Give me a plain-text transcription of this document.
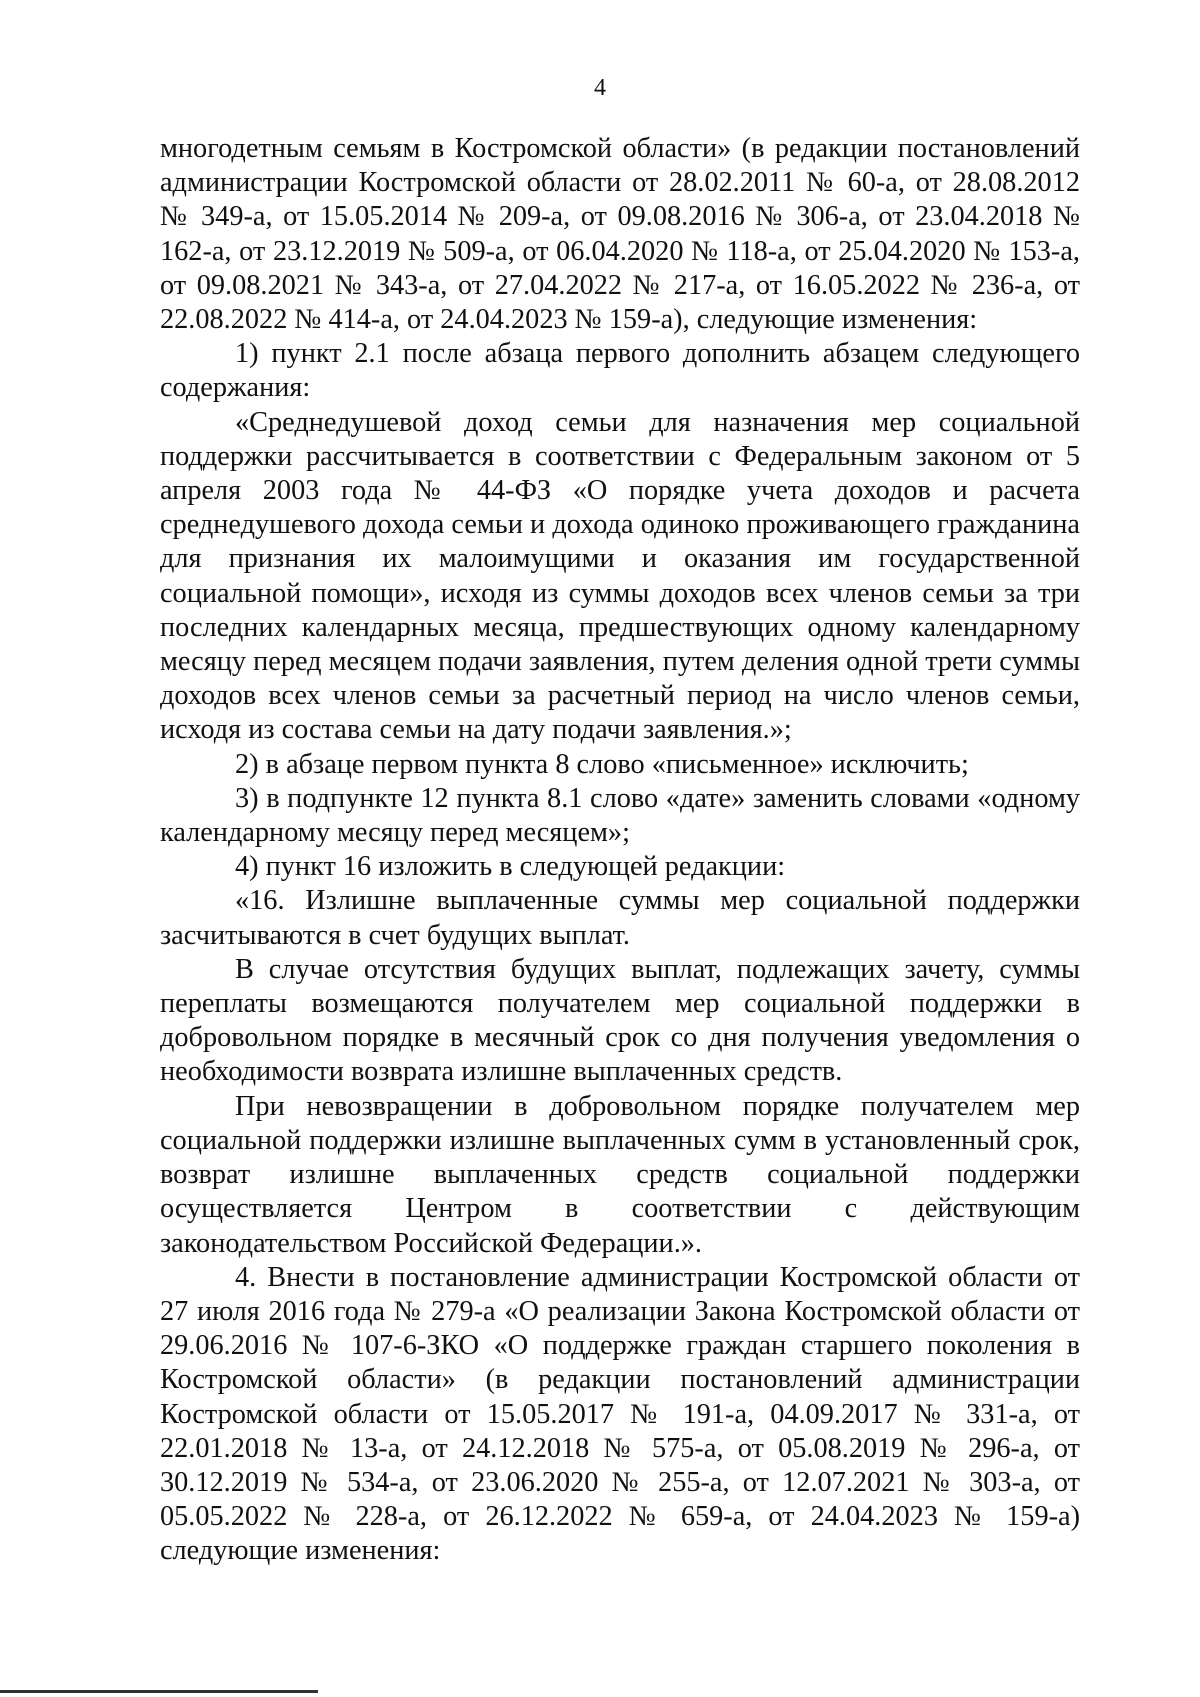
4

многодетным семьям в Костромской области» (в редакции постановлений администрации Костромской области от 28.02.2011 № 60-а, от 28.08.2012 № 349-а, от 15.05.2014 № 209-а, от 09.08.2016 № 306-а, от 23.04.2018 № 162-а, от 23.12.2019 № 509-а, от 06.04.2020 № 118-а, от 25.04.2020 № 153-а, от 09.08.2021 № 343-а, от 27.04.2022 № 217-а, от 16.05.2022 № 236-а, от 22.08.2022 № 414-а, от 24.04.2023 № 159-а), следующие изменения:

1) пункт 2.1 после абзаца первого дополнить абзацем следующего содержания:

«Среднедушевой доход семьи для назначения мер социальной поддержки рассчитывается в соответствии с Федеральным законом от 5 апреля 2003 года № 44-ФЗ «О порядке учета доходов и расчета среднедушевого дохода семьи и дохода одиноко проживающего гражданина для признания их малоимущими и оказания им государственной социальной помощи», исходя из суммы доходов всех членов семьи за три последних календарных месяца, предшествующих одному календарному месяцу перед месяцем подачи заявления, путем деления одной трети суммы доходов всех членов семьи за расчетный период на число членов семьи, исходя из состава семьи на дату подачи заявления.»;

2) в абзаце первом пункта 8 слово «письменное» исключить;

3) в подпункте 12 пункта 8.1 слово «дате» заменить словами «одному календарному месяцу перед месяцем»;

4) пункт 16 изложить в следующей редакции:

«16. Излишне выплаченные суммы мер социальной поддержки засчитываются в счет будущих выплат.

В случае отсутствия будущих выплат, подлежащих зачету, суммы переплаты возмещаются получателем мер социальной поддержки в добровольном порядке в месячный срок со дня получения уведомления о необходимости возврата излишне выплаченных средств.

При невозвращении в добровольном порядке получателем мер социальной поддержки излишне выплаченных сумм в установленный срок, возврат излишне выплаченных средств социальной поддержки осуществляется Центром в соответствии с действующим законодательством Российской Федерации.».

4. Внести в постановление администрации Костромской области от 27 июля 2016 года № 279-а «О реализации Закона Костромской области от 29.06.2016 № 107-6-ЗКО «О поддержке граждан старшего поколения в Костромской области» (в редакции постановлений администрации Костромской области от 15.05.2017 № 191-а, 04.09.2017 № 331-а, от 22.01.2018 № 13-а, от 24.12.2018 № 575-а, от 05.08.2019 № 296-а, от 30.12.2019 № 534-а, от 23.06.2020 № 255-а, от 12.07.2021 № 303-а, от 05.05.2022 № 228-а, от 26.12.2022 № 659-а, от 24.04.2023 № 159-а) следующие изменения:
